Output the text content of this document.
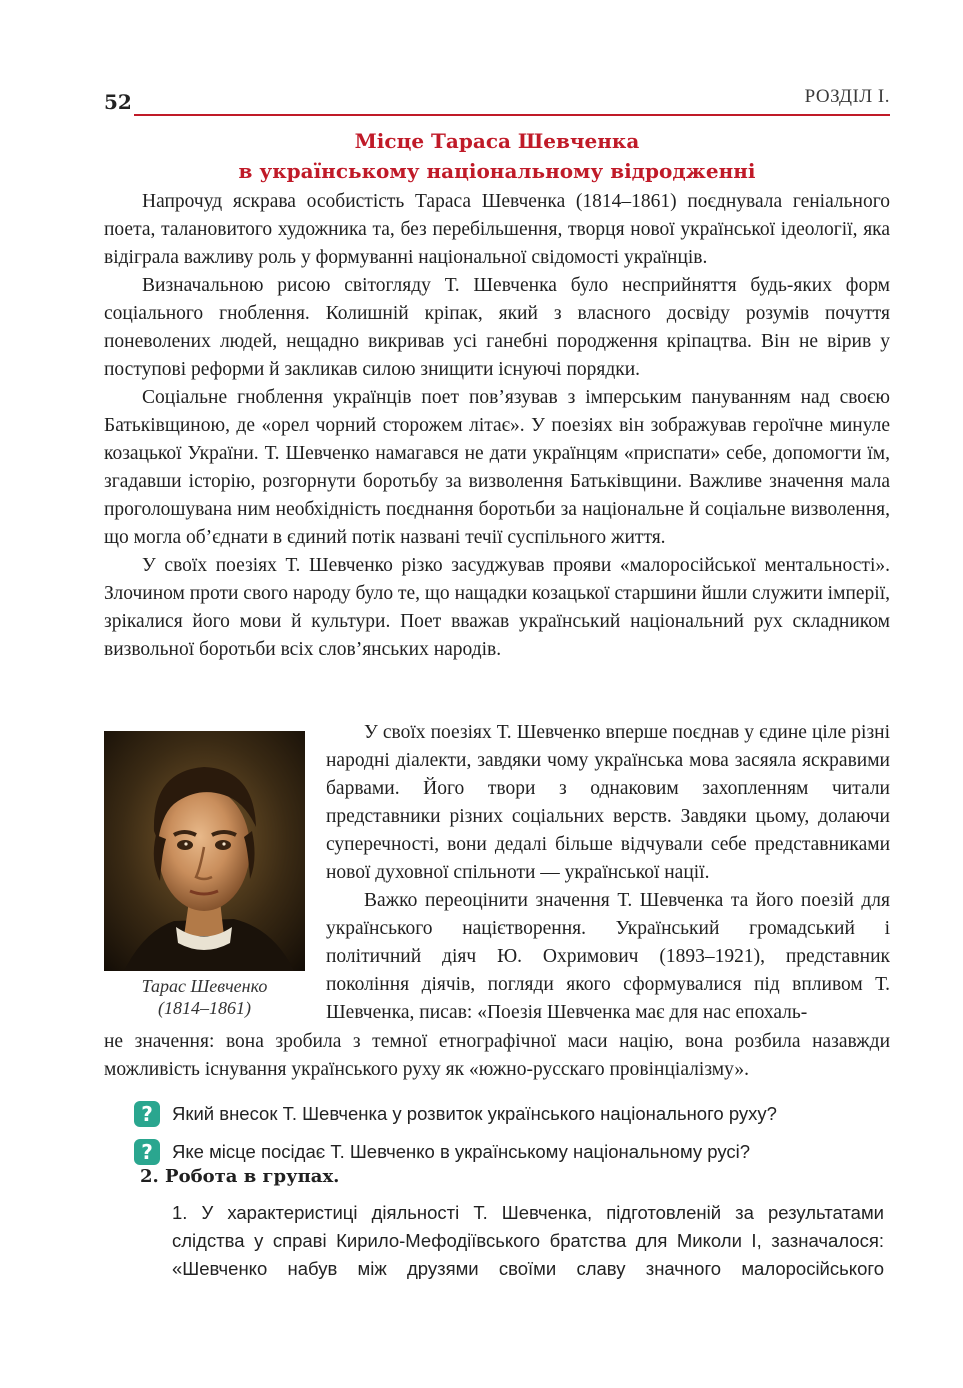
52	РОЗДІЛ І.
Місце Тараса Шевченка
в українському національному відродженні

Напрочуд яскрава особистість Тараса Шевченка (1814–1861) поєднувала геніального поета, талановитого художника та, без перебільшення, творця нової української ідеології, яка відіграла важливу роль у формуванні національної свідомості українців.

Визначальною рисою світогляду Т. Шевченка було несприйняття будь-яких форм соціального гноблення. Колишній кріпак, який з власного досвіду розумів почуття поневолених людей, нещадно викривав усі ганебні породження кріпацтва. Він не вірив у поступові реформи й закликав силою знищити існуючі порядки.

Соціальне гноблення українців поет пов’язував з імперським пануванням над своєю Батьківщиною, де «орел чорний сторожем літає». У поезіях він зображував героїчне минуле козацької України. Т. Шевченко намагався не дати українцям «приспати» себе, допомогти їм, згадавши історію, розгорнути боротьбу за визволення Батьківщини. Важливе значення мала проголошувана ним необхідність поєднання боротьби за національне й соціальне визволення, що могла об’єднати в єдиний потік названі течії суспільного життя.

У своїх поезіях Т. Шевченко різко засуджував прояви «малоросійської ментальності». Злочином проти свого народу було те, що нащадки козацької старшини йшли служити імперії, зрікалися його мови й культури. Поет вважав український національний рух складником визвольної боротьби всіх слов’янських народів.

Тарас Шевченко
(1814–1861)

У своїх поезіях Т. Шевченко вперше поєднав у єдине ціле різні народні діалекти, завдяки чому українська мова засяяла яскравими барвами. Його твори з однаковим захопленням читали представники різних соціальних верств. Завдяки цьому, долаючи суперечності, вони дедалі більше відчували себе представниками нової духовної спільноти — української нації.

Важко переоцінити значення Т. Шевченка та його поезій для українського націєтворення. Український громадський і політичний діяч Ю. Охримович (1893–1921), представник покоління діячів, погляди якого сформувалися під впливом Т. Шевченка, писав: «Поезія Шевченка має для нас епохаль-

не значення: вона зробила з темної етнографічної маси націю, вона розбила назавжди можливість існування українського руху як «южно-русскаго провінціалізму».

?	Який внесок Т. Шевченка у розвиток українського національного руху?
?	Яке місце посідає Т. Шевченко в українському національному русі?
2. Робота в групах.
1. У характеристиці діяльності Т. Шевченка, підготовленій за результатами
слідства у справі Кирило-Мефодіївського братства для Миколи І, зазначалося:
«Шевченко набув між друзями своїми славу значного малоросійського
